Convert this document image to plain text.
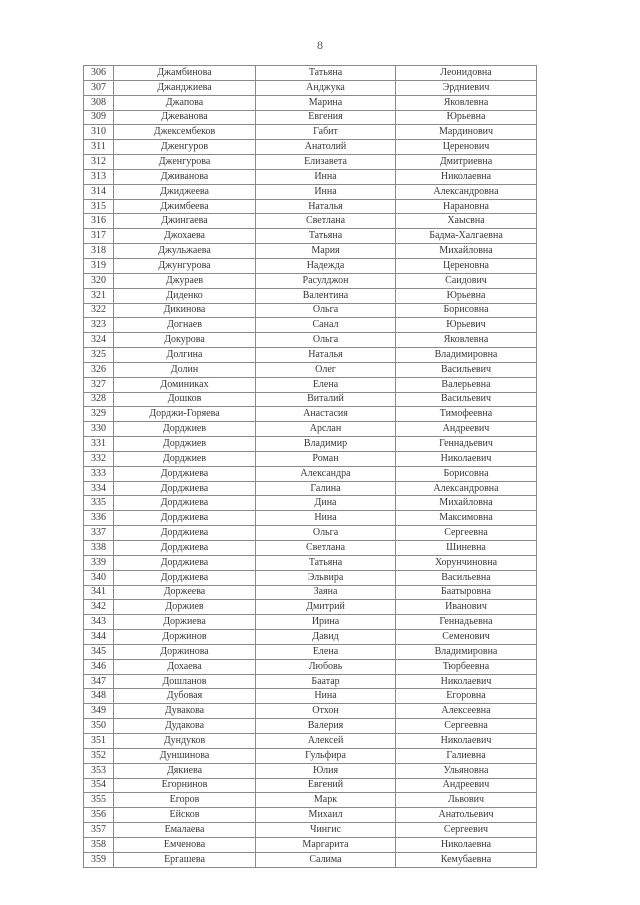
8
306	Джамбинова	Татьяна	Леонидовна
307	Джанджиева	Анджука	Эрдниевич
308	Джапова	Марина	Яковлевна
309	Джеванова	Евгения	Юрьевна
310	Джексембеков	Габит	Мардинович
311	Дженгуров	Анатолий	Церенович
312	Дженгурова	Елизавета	Дмитриевна
313	Дживанова	Инна	Николаевна
314	Джиджеева	Инна	Александровна
315	Джимбеева	Наталья	Нарановна
316	Джингаева	Светлана	Хаысвна
317	Джохаева	Татьяна	Бадма-Халгаевна
318	Джульжаева	Мария	Михайловна
319	Джунгурова	Надежда	Цереновна
320	Джураев	Расулджон	Саидович
321	Диденко	Валентина	Юрьевна
322	Дикинова	Ольга	Борисовна
323	Догнаев	Санал	Юрьевич
324	Докурова	Ольга	Яковлевна
325	Долгина	Наталья	Владимировна
326	Долин	Олег	Васильевич
327	Доминиках	Елена	Валерьевна
328	Дошков	Виталий	Васильевич
329	Дорджи-Горяева	Анастасия	Тимофеевна
330	Дорджиев	Арслан	Андреевич
331	Дорджиев	Владимир	Геннадьевич
332	Дорджиев	Роман	Николаевич
333	Дорджиева	Александра	Борисовна
334	Дорджиева	Галина	Александровна
335	Дорджиева	Дина	Михайловна
336	Дорджиева	Нина	Максимовна
337	Дорджиева	Ольга	Сергеевна
338	Дорджиева	Светлана	Шиневна
339	Дорджиева	Татьяна	Хорунчиновна
340	Дорджиева	Эльвира	Васильевна
341	Доржеева	Заяна	Баатыровна
342	Доржиев	Дмитрий	Иванович
343	Доржиева	Ирина	Геннадьевна
344	Доржинов	Давид	Семенович
345	Доржинова	Елена	Владимировна
346	Дохаева	Любовь	Тюрбеевна
347	Дошланов	Баатар	Николаевич
348	Дубовая	Нина	Егоровна
349	Дувакова	Отхон	Алексеевна
350	Дудакова	Валерия	Сергеевна
351	Дундуков	Алексей	Николаевич
352	Дуншинова	Гульфира	Галиевна
353	Дякиева	Юлия	Ульяновна
354	Егорнинов	Евгений	Андреевич
355	Егоров	Марк	Львович
356	Ейсков	Михаил	Анатольевич
357	Емалаева	Чингис	Сергеевич
358	Емченова	Маргарита	Николаевна
359	Ергашева	Салима	Кемубаевна
